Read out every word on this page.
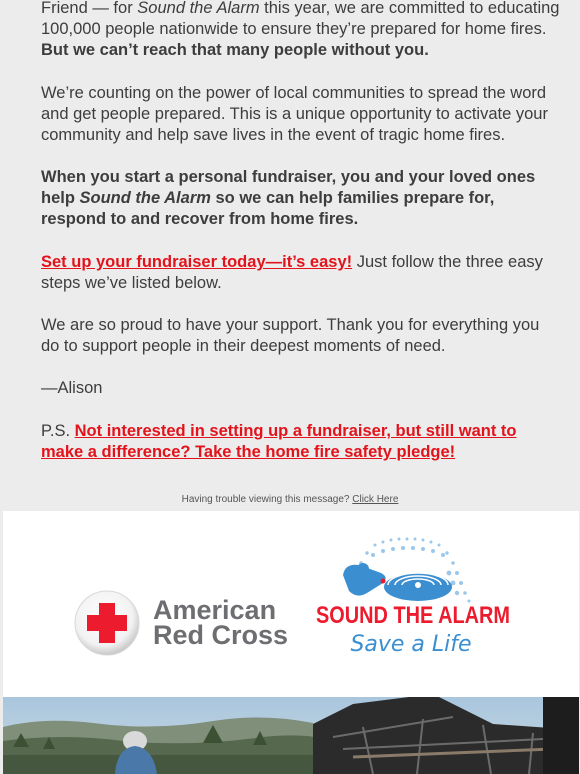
Friend — for Sound the Alarm this year, we are committed to educating 100,000 people nationwide to ensure they’re prepared for home fires.
But we can’t reach that many people without you.

We’re counting on the power of local communities to spread the word and get people prepared. This is a unique opportunity to activate your community and help save lives in the event of tragic home fires.

When you start a personal fundraiser, you and your loved ones help Sound the Alarm so we can help families prepare for, respond to and recover from home fires.

Set up your fundraiser today—it’s easy! Just follow the three easy steps we’ve listed below.

We are so proud to have your support. Thank you for everything you do to support people in their deepest moments of need.

—Alison

P.S. Not interested in setting up a fundraiser, but still want to make a difference? Take the home fire safety pledge!

Having trouble viewing this message? Click Here
American
Red Cross
SOUND THE ALARM
Save a Life
